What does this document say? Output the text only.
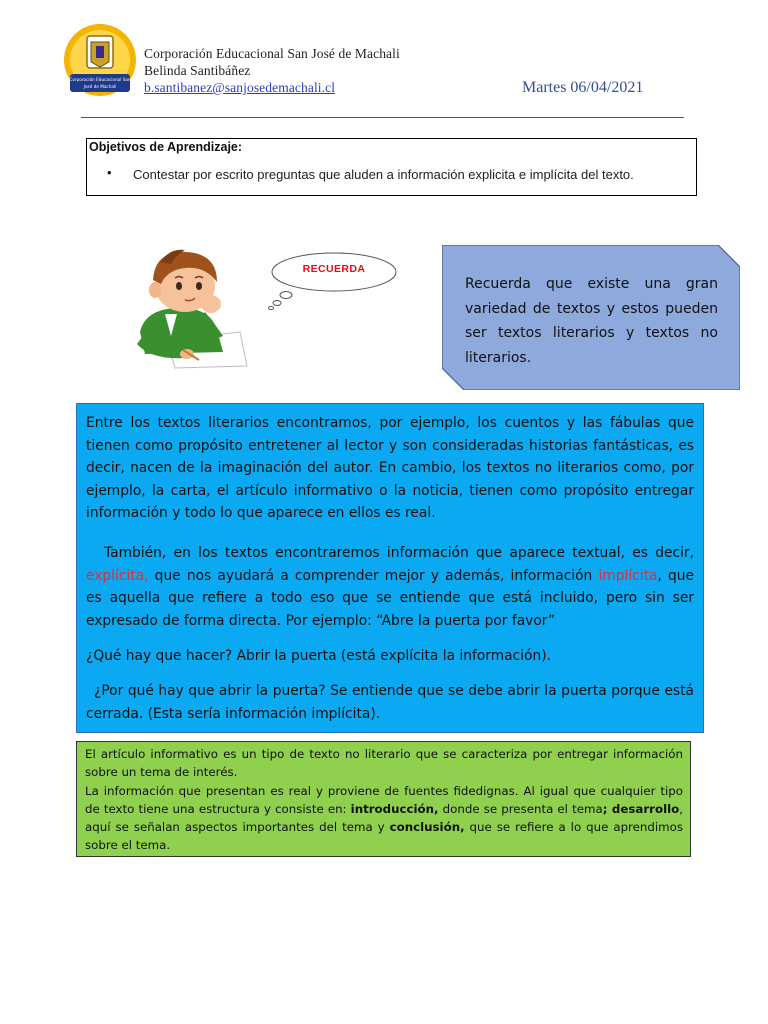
Corporación Educacional San
José de Machali
Corporación Educacional San José de Machali
Belinda Santibáñez
b.santibanez@sanjosedemachali.cl	Martes 06/04/2021
Objetivos de Aprendizaje:
• Contestar por escrito preguntas que aluden a información explicita e implícita del texto.
RECUERDA
Recuerda que existe una gran variedad de textos y estos pueden ser textos literarios y textos no literarios.

Entre los textos literarios encontramos, por ejemplo, los cuentos y las fábulas que tienen como propósito entretener al lector y son consideradas historias fantásticas, es decir, nacen de la imaginación del autor. En cambio, los textos no literarios como, por ejemplo, la carta, el artículo informativo o la noticia, tienen como propósito entregar información y todo lo que aparece en ellos es real.

También, en los textos encontraremos información que aparece textual, es decir, explícita, que nos ayudará a comprender mejor y además, información implícita, que es aquella que refiere a todo eso que se entiende que está incluido, pero sin ser expresado de forma directa. Por ejemplo: “Abre la puerta por favor”

¿Qué hay que hacer? Abrir la puerta (está explícita la información).

¿Por qué hay que abrir la puerta? Se entiende que se debe abrir la puerta porque está cerrada. (Esta sería información implícita).

El artículo informativo es un tipo de texto no literario que se caracteriza por entregar información sobre un tema de interés.
La información que presentan es real y proviene de fuentes fidedignas. Al igual que cualquier tipo de texto tiene una estructura y consiste en: introducción, donde se presenta el tema; desarrollo, aquí se señalan aspectos importantes del tema y conclusión, que se refiere a lo que aprendimos sobre el tema.
